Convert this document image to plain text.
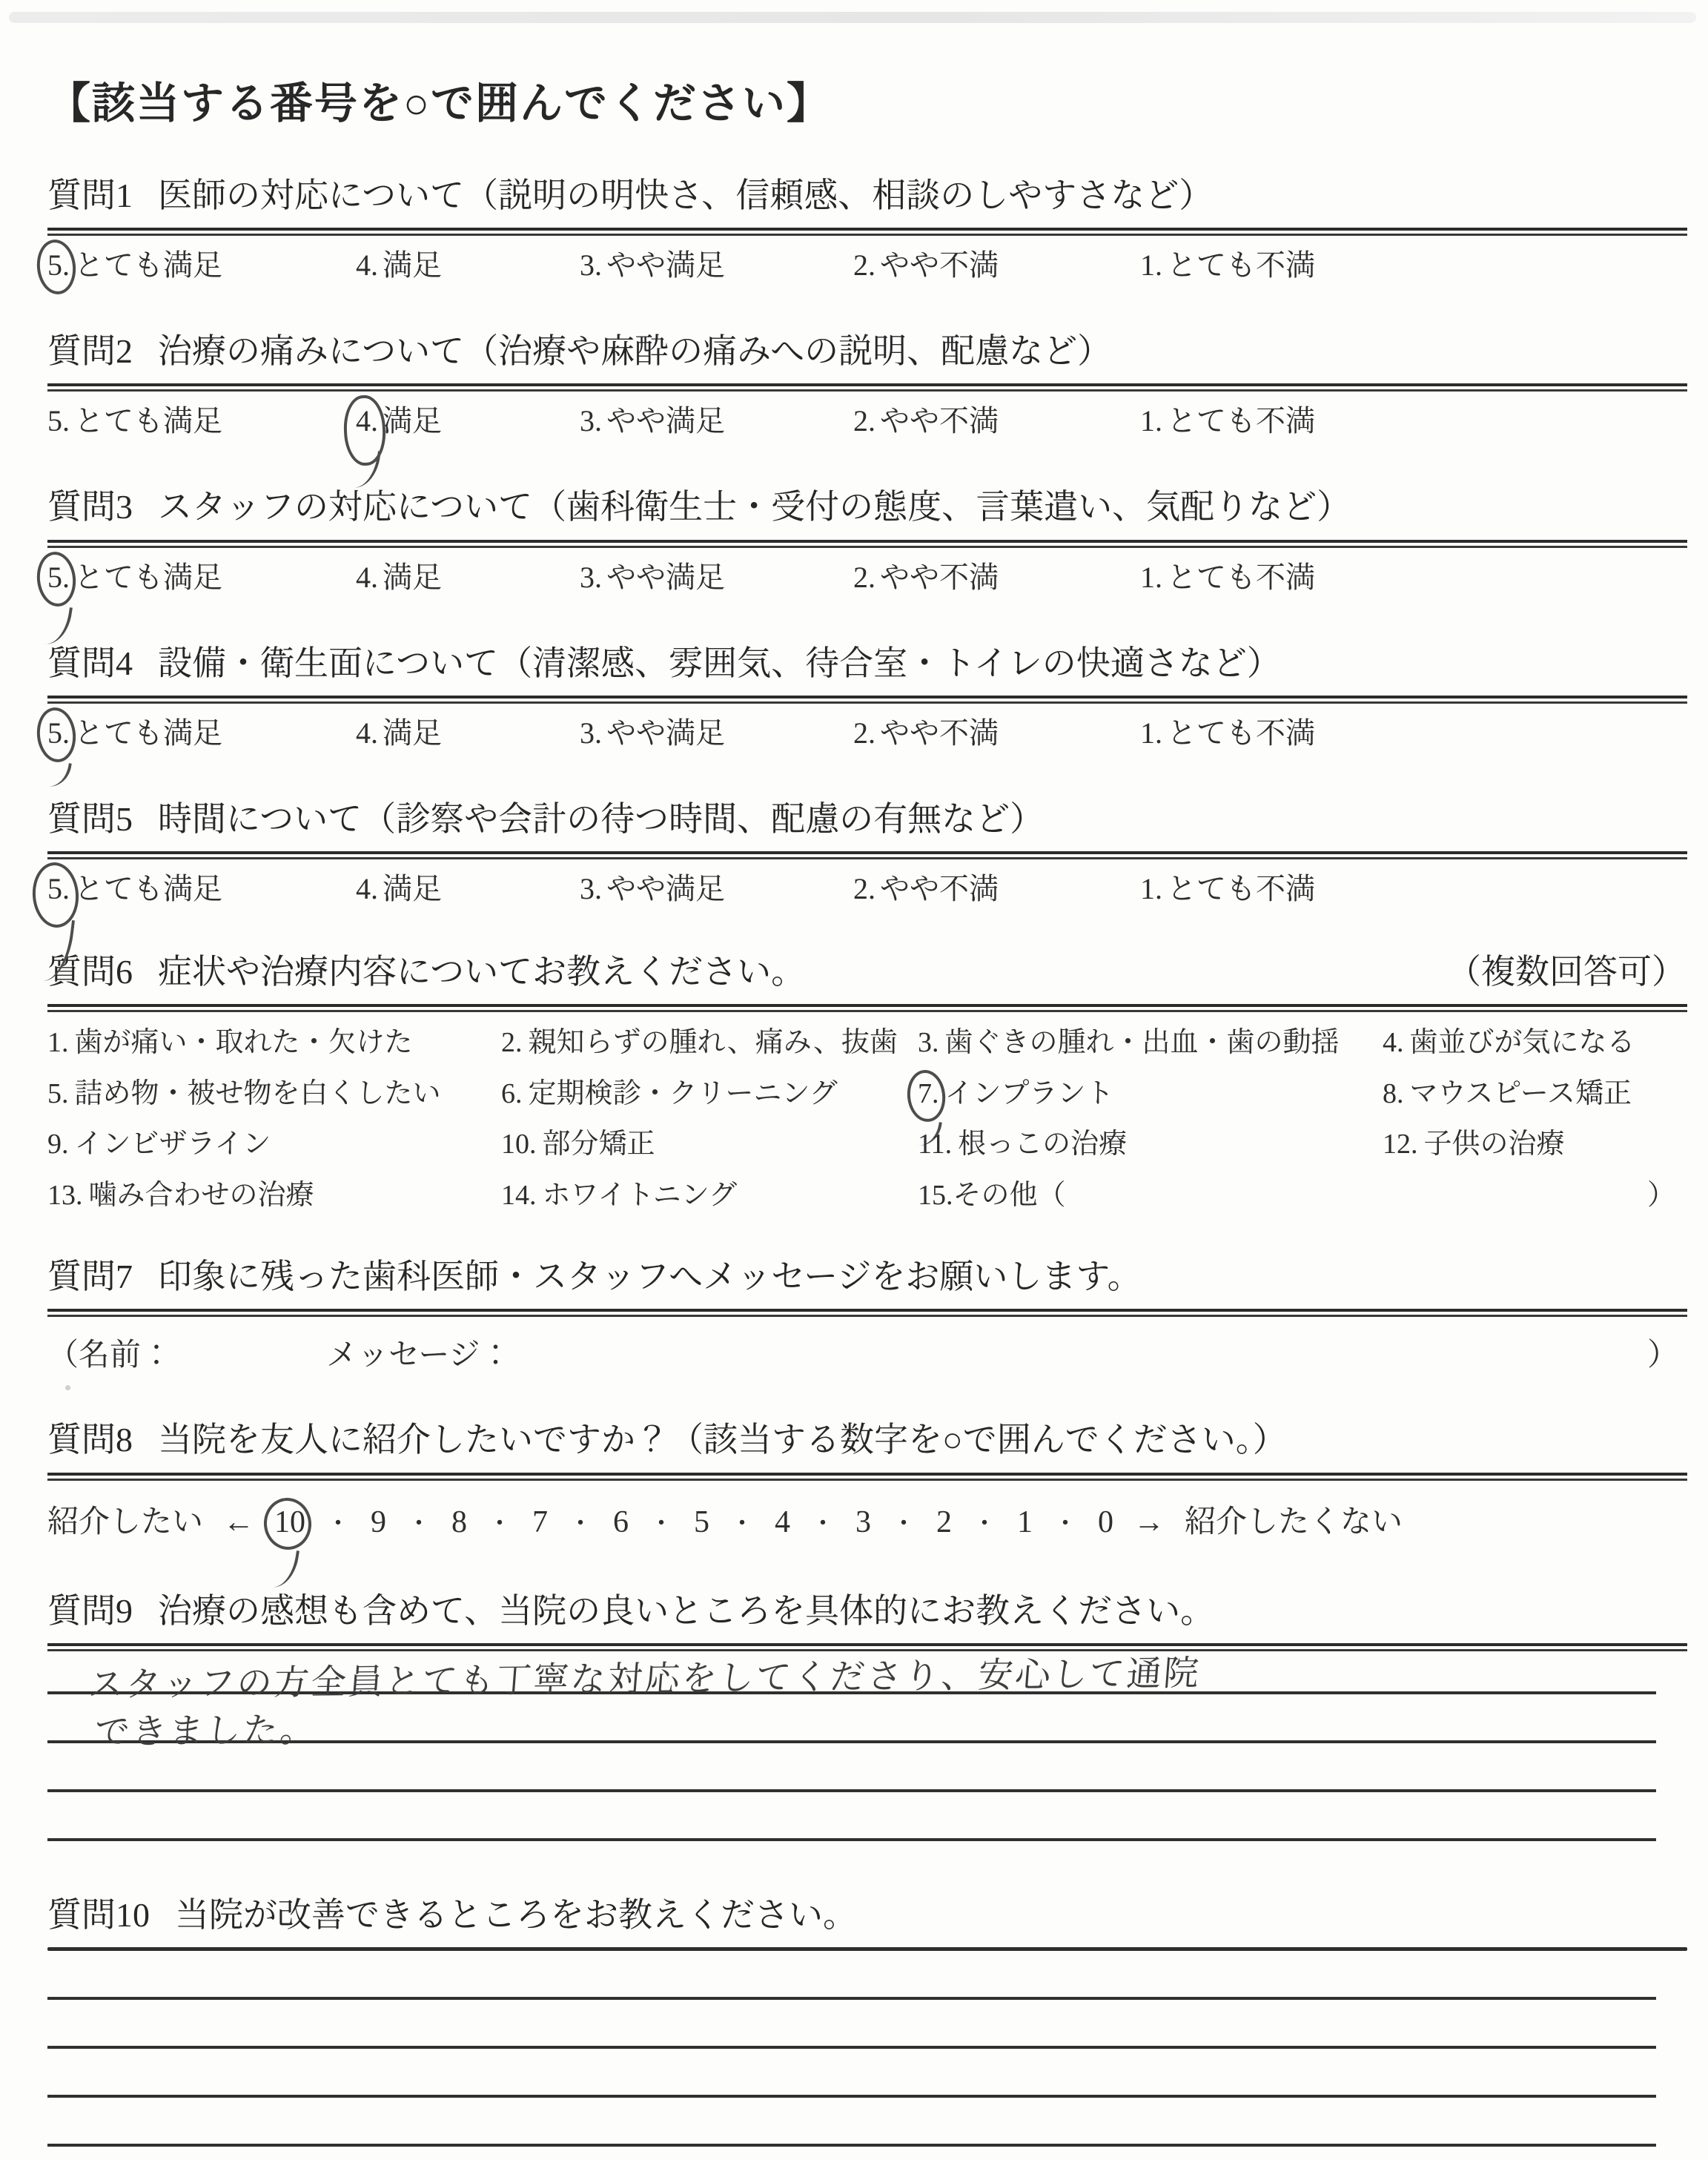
【該当する番号を○で囲んでください】
質問1 医師の対応について（説明の明快さ、信頼感、相談のしやすさなど）
5. とても満足	4. 満足	3. やや満足	2. やや不満	1. とても不満
質問2 治療の痛みについて（治療や麻酔の痛みへの説明、配慮など）
5. とても満足	4. 満足	3. やや満足	2. やや不満	1. とても不満
質問3 スタッフの対応について（歯科衛生士・受付の態度、言葉遣い、気配りなど）
5. とても満足	4. 満足	3. やや満足	2. やや不満	1. とても不満
質問4 設備・衛生面について（清潔感、雰囲気、待合室・トイレの快適さなど）
5. とても満足	4. 満足	3. やや満足	2. やや不満	1. とても不満
質問5 時間について（診察や会計の待つ時間、配慮の有無など）
5. とても満足	4. 満足	3. やや満足	2. やや不満	1. とても不満
質問6 症状や治療内容についてお教えください。	（複数回答可）
1. 歯が痛い・取れた・欠けた	2. 親知らずの腫れ、痛み、抜歯 3. 歯ぐきの腫れ・出血・歯の動揺 4. 歯並びが気になる
5. 詰め物・被せ物を白くしたい 6. 定期検診・クリーニング	7. インプラント	8. マウスピース矯正
9. インビザライン	10. 部分矯正	11. 根っこの治療	12. 子供の治療
13. 噛み合わせの治療	14. ホワイトニング	15. その他（	）
質問7 印象に残った歯科医師・スタッフへメッセージをお願いします。
（名前：	メッセージ：	）
質問8 当院を友人に紹介したいですか？（該当する数字を○で囲んでください。）
紹介したい ← 10 ・ 9 ・ 8 ・ 7 ・ 6 ・ 5 ・ 4 ・ 3 ・ 2 ・ 1 ・ 0 → 紹介したくない
質問9 治療の感想も含めて、当院の良いところを具体的にお教えください。
スタッフの方全員とても丁寧な対応をしてくださり、安心して通院
できました。
質問10 当院が改善できるところをお教えください。
